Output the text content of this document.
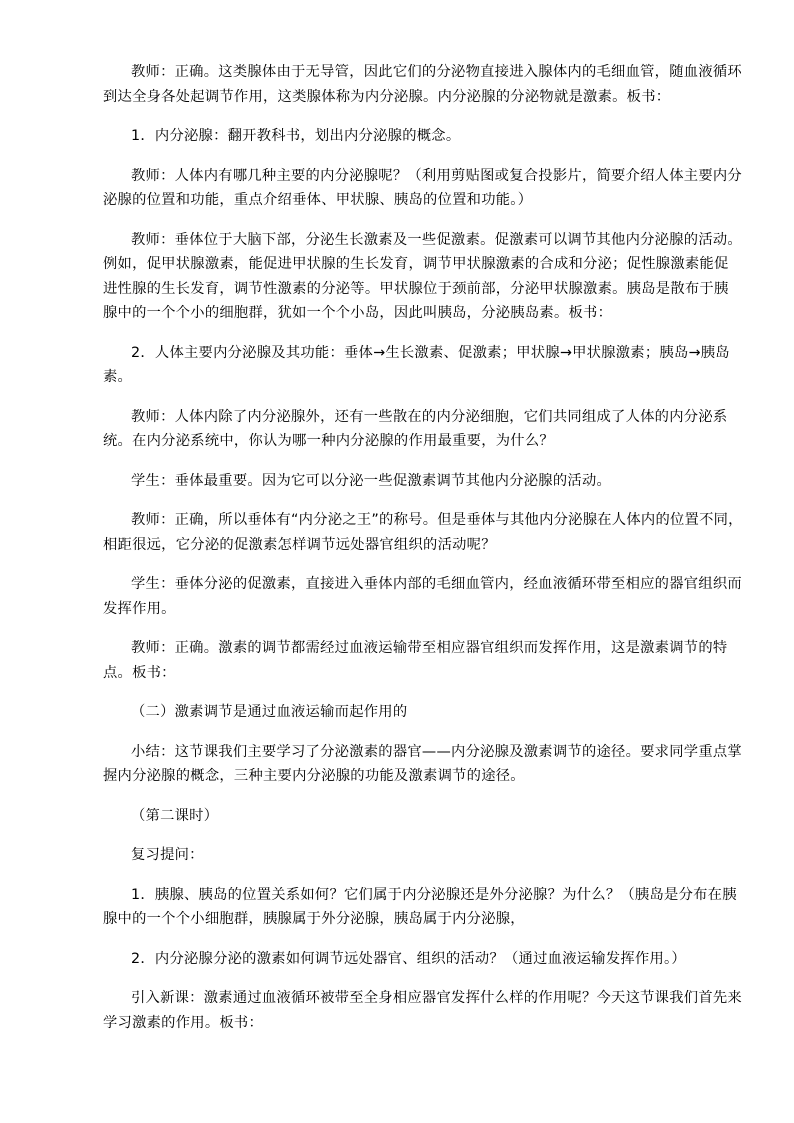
教师：正确。这类腺体由于无导管，因此它们的分泌物直接进入腺体内的毛细血管，随血液循环到达全身各处起调节作用，这类腺体称为内分泌腺。内分泌腺的分泌物就是激素。板书：

1．内分泌腺：翻开教科书，划出内分泌腺的概念。

教师：人体内有哪几种主要的内分泌腺呢？（利用剪贴图或复合投影片，简要介绍人体主要内分泌腺的位置和功能，重点介绍垂体、甲状腺、胰岛的位置和功能。）

教师：垂体位于大脑下部，分泌生长激素及一些促激素。促激素可以调节其他内分泌腺的活动。例如，促甲状腺激素，能促进甲状腺的生长发育，调节甲状腺激素的合成和分泌；促性腺激素能促进性腺的生长发育，调节性激素的分泌等。甲状腺位于颈前部，分泌甲状腺激素。胰岛是散布于胰腺中的一个个小的细胞群，犹如一个个小岛，因此叫胰岛，分泌胰岛素。板书：

2．人体主要内分泌腺及其功能：垂体→生长激素、促激素；甲状腺→甲状腺激素；胰岛→胰岛素。

教师：人体内除了内分泌腺外，还有一些散在的内分泌细胞，它们共同组成了人体的内分泌系统。在内分泌系统中，你认为哪一种内分泌腺的作用最重要，为什么？

学生：垂体最重要。因为它可以分泌一些促激素调节其他内分泌腺的活动。

教师：正确，所以垂体有“内分泌之王”的称号。但是垂体与其他内分泌腺在人体内的位置不同，相距很远，它分泌的促激素怎样调节远处器官组织的活动呢？

学生：垂体分泌的促激素，直接进入垂体内部的毛细血管内，经血液循环带至相应的器官组织而发挥作用。

教师：正确。激素的调节都需经过血液运输带至相应器官组织而发挥作用，这是激素调节的特点。板书：

（二）激素调节是通过血液运输而起作用的

小结：这节课我们主要学习了分泌激素的器官——内分泌腺及激素调节的途径。要求同学重点掌握内分泌腺的概念，三种主要内分泌腺的功能及激素调节的途径。

（第二课时）

复习提问：

1．胰腺、胰岛的位置关系如何？它们属于内分泌腺还是外分泌腺？为什么？（胰岛是分布在胰腺中的一个个小细胞群，胰腺属于外分泌腺，胰岛属于内分泌腺，

2．内分泌腺分泌的激素如何调节远处器官、组织的活动？（通过血液运输发挥作用。）

引入新课：激素通过血液循环被带至全身相应器官发挥什么样的作用呢？今天这节课我们首先来学习激素的作用。板书：
